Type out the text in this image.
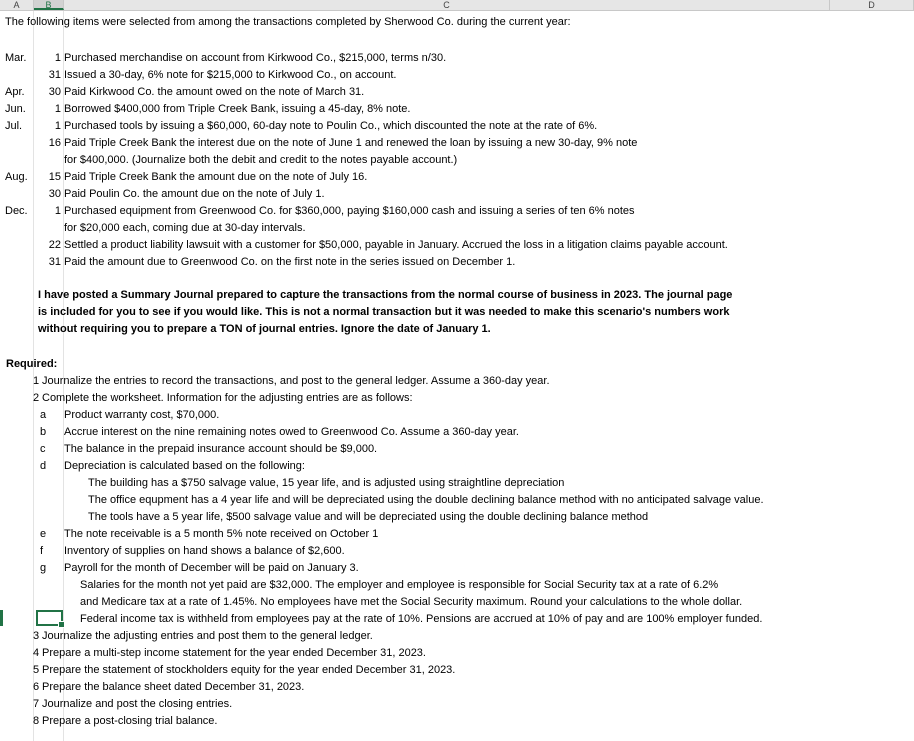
A	B	C	D
The following items were selected from among the transactions completed by Sherwood Co. during the current year:
Mar.	1 Purchased merchandise on account from Kirkwood Co., $215,000, terms n/30.
31 Issued a 30-day, 6% note for $215,000 to Kirkwood Co., on account.
Apr.	30 Paid Kirkwood Co. the amount owed on the note of March 31.
Jun.	1 Borrowed $400,000 from Triple Creek Bank, issuing a 45-day, 8% note.
Jul.	1 Purchased tools by issuing a $60,000, 60-day note to Poulin Co., which discounted the note at the rate of 6%.
16 Paid Triple Creek Bank the interest due on the note of June 1 and renewed the loan by issuing a new 30-day, 9% note
for $400,000. (Journalize both the debit and credit to the notes payable account.)
Aug.	15 Paid Triple Creek Bank the amount due on the note of July 16.
30 Paid Poulin Co. the amount due on the note of July 1.
Dec.	1 Purchased equipment from Greenwood Co. for $360,000, paying $160,000 cash and issuing a series of ten 6% notes
for $20,000 each, coming due at 30-day intervals.
22 Settled a product liability lawsuit with a customer for $50,000, payable in January. Accrued the loss in a litigation claims payable account.
31 Paid the amount due to Greenwood Co. on the first note in the series issued on December 1.
I have posted a Summary Journal prepared to capture the transactions from the normal course of business in 2023. The journal page
is included for you to see if you would like. This is not a normal transaction but it was needed to make this scenario's numbers work
without requiring you to prepare a TON of journal entries. Ignore the date of January 1.
Required:
1 Journalize the entries to record the transactions, and post to the general ledger. Assume a 360-day year.
2 Complete the worksheet. Information for the adjusting entries are as follows:
a Product warranty cost, $70,000.
b Accrue interest on the nine remaining notes owed to Greenwood Co. Assume a 360-day year.
c The balance in the prepaid insurance account should be $9,000.
d Depreciation is calculated based on the following:
The building has a $750 salvage value, 15 year life, and is adjusted using straightline depreciation
The office equpment has a 4 year life and will be depreciated using the double declining balance method with no anticipated salvage value.
The tools have a 5 year life, $500 salvage value and will be depreciated using the double declining balance method
e The note receivable is a 5 month 5% note received on October 1
f Inventory of supplies on hand shows a balance of $2,600.
g Payroll for the month of December will be paid on January 3.
Salaries for the month not yet paid are $32,000. The employer and employee is responsible for Social Security tax at a rate of 6.2%
and Medicare tax at a rate of 1.45%. No employees have met the Social Security maximum. Round your calculations to the whole dollar.
Federal income tax is withheld from employees pay at the rate of 10%. Pensions are accrued at 10% of pay and are 100% employer funded.
3 Journalize the adjusting entries and post them to the general ledger.
4 Prepare a multi-step income statement for the year ended December 31, 2023.
5 Prepare the statement of stockholders equity for the year ended December 31, 2023.
6 Prepare the balance sheet dated December 31, 2023.
7 Journalize and post the closing entries.
8 Prepare a post-closing trial balance.
